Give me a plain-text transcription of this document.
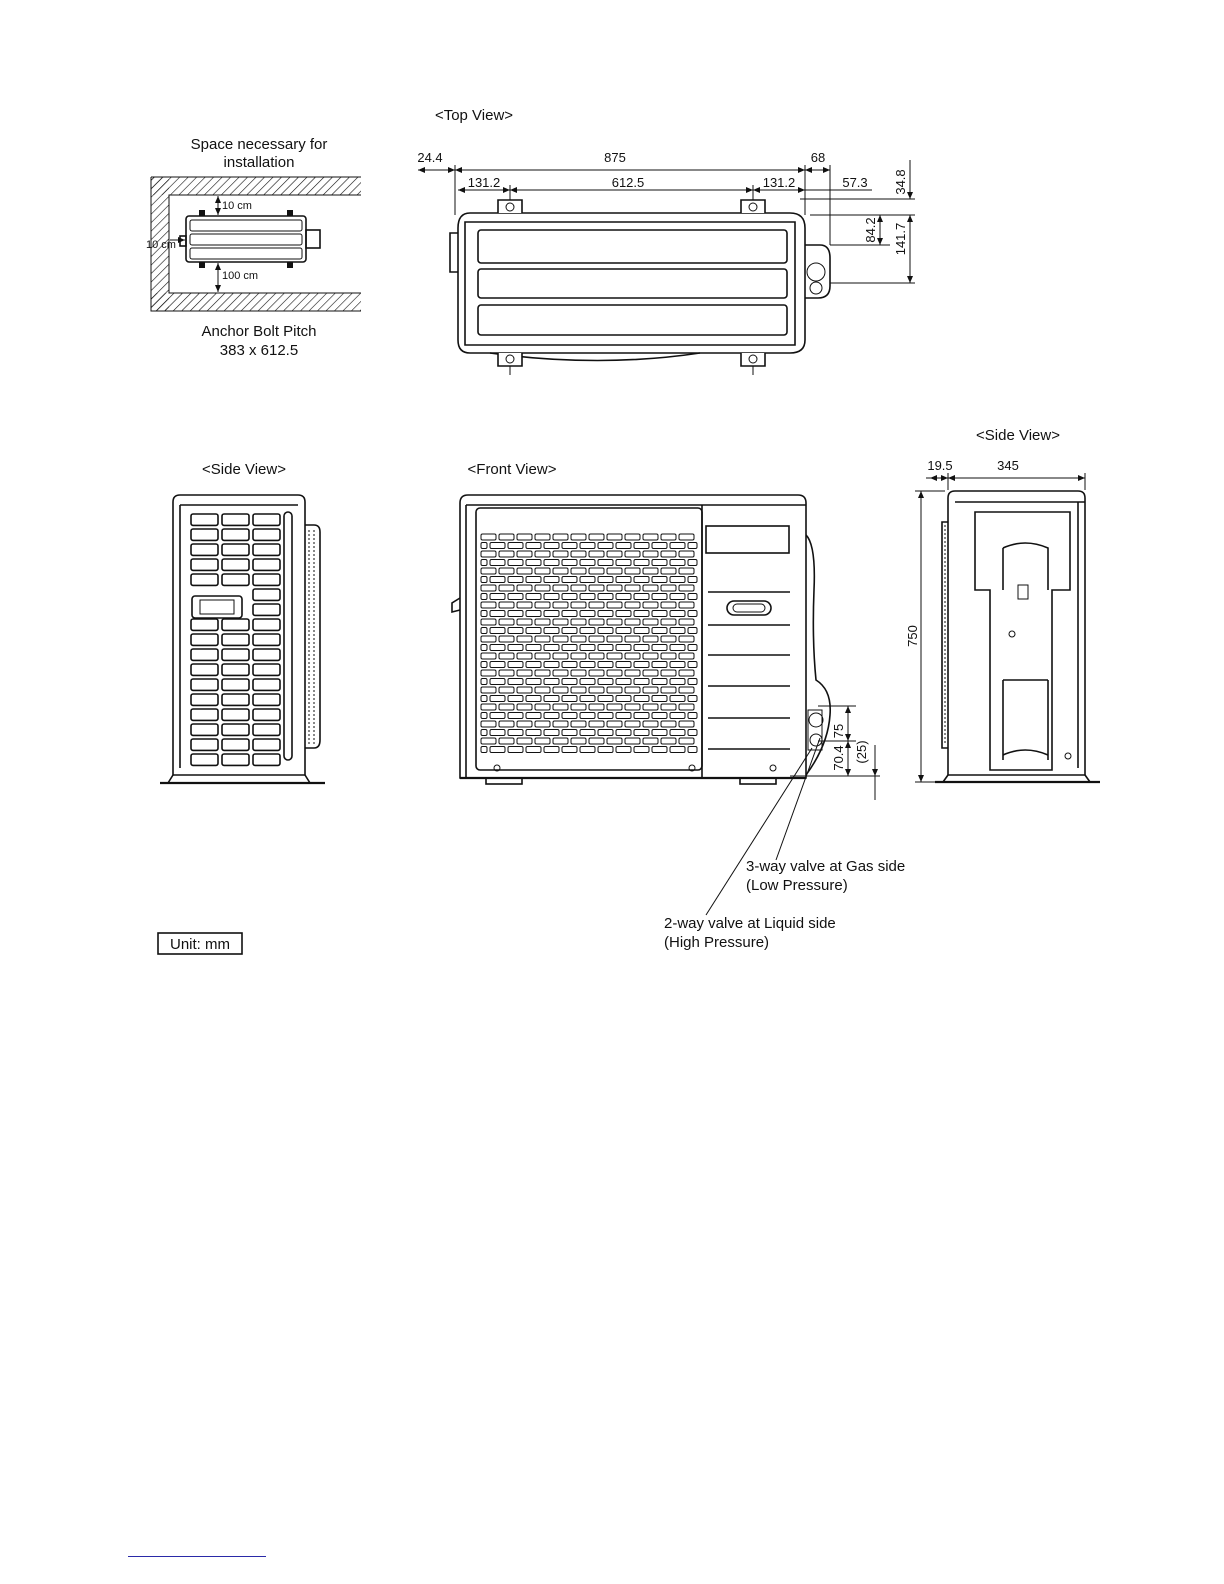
Space necessary for
installation
10 cm
10 cm
100 cm
Anchor Bolt Pitch
383 x 612.5
<Top View>
24.4	875	68
131.2	612.5	131.2	57.3 34.8
84.2 141.7
<Side View>	<Front View>
75
70.4 (25)
3-way valve at Gas side
(Low Pressure)
2-way valve at Liquid side
(High Pressure)
<Side View>
19.5	345
750
Unit: mm
